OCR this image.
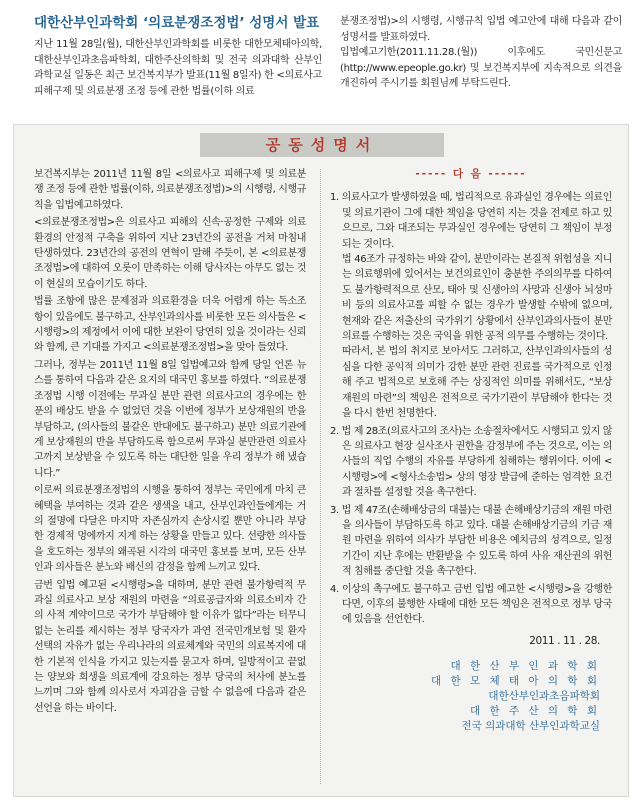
대한산부인과학회 ‘의료분쟁조정법’ 성명서 발표

지난 11월 28일(월), 대한산부인과학회를 비롯한 대한모체태아의학, 대한산부인과초음파학회, 대한주산의학회 및 전국 의과대학 산부인과학교실 일동은 최근 보건복지부가 발표(11월 8일자) 한 <의료사고 피해구제 및 의료분쟁 조정 등에 관한 법률(이하 의료

분쟁조정법)>의 시행령, 시행규칙 입법 예고안에 대해 다음과 같이 성명서를 발표하였다.

입법예고기한(2011.11.28.(월)) 이후에도 국민신문고(http://www.epeople.go.kr) 및 보건복지부에 지속적으로 의견을 개진하여 주시기를 회원님께 부탁드린다.

공동성명서

보건복지부는 2011년 11월 8일 <의료사고 피해구제 및 의료분쟁 조정 등에 관한 법률(이하, 의료분쟁조정법)>의 시행령, 시행규칙을 입법예고하였다.

<의료분쟁조정법>은 의료사고 피해의 신속·공정한 구제와 의료환경의 안정적 구축을 위하여 지난 23년간의 공전을 거쳐 마침내 탄생하였다. 23년간의 공전의 연혁이 말해 주듯이, 본 <의료분쟁조정법>에 대하여 오롯이 만족하는 이해 당사자는 아무도 없는 것이 현실의 모습이기도 하다.

법률 조항에 많은 문제점과 의료환경을 더욱 어렵게 하는 독소조항이 있음에도 불구하고, 산부인과의사를 비롯한 모든 의사들은 <시행령>의 제정에서 이에 대한 보완이 당연히 있을 것이라는 신뢰와 함께, 큰 기대를 가지고 <의료분쟁조정법>을 맞아 들였다.

그러나, 정부는 2011년 11월 8일 입법예고와 함께 당일 언론 뉴스를 통하여 다음과 같은 요지의 대국민 홍보를 하였다. “의료분쟁조정법 시행 이전에는 무과실 분만 관련 의료사고의 경우에는 한푼의 배상도 받을 수 없었던 것을 이번에 정부가 보상재원의 반을 부담하고, (의사들의 불같은 반대에도 불구하고) 분만 의료기관에게 보상재원의 반을 부담하도록 함으로써 무과실 분만관련 의료사고까지 보상받을 수 있도록 하는 대단한 일을 우리 정부가 해 냈습니다.”

이로써 의료분쟁조정법의 시행을 통하여 정부는 국민에게 마치 큰 혜택을 부여하는 것과 같은 생색을 내고, 산부인과인들에게는 거의 절명에 다달은 마지막 자존심까지 손상시킬 뿐만 아니라 부당한 경제적 멍에까지 지게 하는 상황을 만들고 있다. 선량한 의사들을 호도하는 정부의 왜곡된 시각의 대국민 홍보를 보며, 모든 산부인과 의사들은 분노와 배신의 감정을 함께 느끼고 있다.

금번 입법 예고된 <시행령>을 대하며, 분만 관련 불가항력적 무과실 의료사고 보상 재원의 마련을 “의료공급자와 의료소비자 간의 사적 계약이므로 국가가 부담해야 할 이유가 없다”라는 터무니 없는 논리를 제시하는 정부 당국자가 과연 전국민개보험 및 환자 선택의 자유가 없는 우리나라의 의료체계와 국민의 의료복지에 대한 기본적 인식을 가지고 있는지를 묻고자 하며, 일방적이고 끝없는 양보와 희생을 의료계에 강요하는 정부 당국의 처사에 분노를 느끼며 그와 함께 의사로서 자괴감을 금할 수 없음에 다음과 같은 선언을 하는 바이다.

----- 다 음 ------
1. 의료사고가 발생하였을 때, 법리적으로 유과실인 경우에는 의료인 및 의료기관이 그에 대한 책임을 당연히 지는 것을 전제로 하고 있으므로, 그와 대조되는 무과실인 경우에는 당연히 그 책임이 부정되는 것이다.

법 46조가 규정하는 바와 같이, 분만이라는 본질적 위험성을 지니는 의료행위에 있어서는 보건의료인이 충분한 주의의무를 다하여도 불가항력적으로 산모, 태아 및 신생아의 사망과 신생아 뇌성마비 등의 의료사고를 피할 수 없는 경우가 발생할 수밖에 없으며, 현재와 같은 저출산의 국가위기 상황에서 산부인과의사들이 분만의료를 수행하는 것은 국익을 위한 공적 의무를 수행하는 것이다.

따라서, 본 법의 취지로 보아서도 그러하고, 산부인과의사들의 성심을 다한 공익적 의미가 강한 분만 관련 진료를 국가적으로 인정해 주고 법적으로 보호해 주는 상징적인 의미를 위해서도, “보상재원의 마련”의 책임은 전적으로 국가기관이 부담해야 한다는 것을 다시 한번 천명한다.

2. 법 제 28조(의료사고의 조사)는 소송절차에서도 시행되고 있지 않은 의료사고 현장 실사조사 권한을 감정부에 주는 것으로, 이는 의사들의 직업 수행의 자유를 부당하게 침해하는 행위이다. 이에 <시행령>에 <형사소송법> 상의 영장 발급에 준하는 엄격한 요건과 절차를 설정할 것을 촉구한다.
3. 법 제 47조(손해배상금의 대불)는 대불 손해배상기금의 재원 마련을 의사들이 부담하도록 하고 있다. 대불 손해배상기금의 기금 재원 마련을 위하여 의사가 부담한 비용은 예치금의 성격으로, 일정 기간이 지난 후에는 반환받을 수 있도록 하여 사유 재산권의 위헌적 침해를 중단할 것을 촉구한다.
4. 이상의 촉구에도 불구하고 금번 입법 예고한 <시행령>을 강행한다면, 이후의 불행한 사태에 대한 모든 책임은 전적으로 정부 당국에 있음을 선언한다.
2011 . 11 . 28.
대 한 산 부 인 과 학 회
대 한 모 체 태 아 의 학 회
대한산부인과초음파학회
대 한 주 산 의 학 회
전국 의과대학 산부인과학교실
